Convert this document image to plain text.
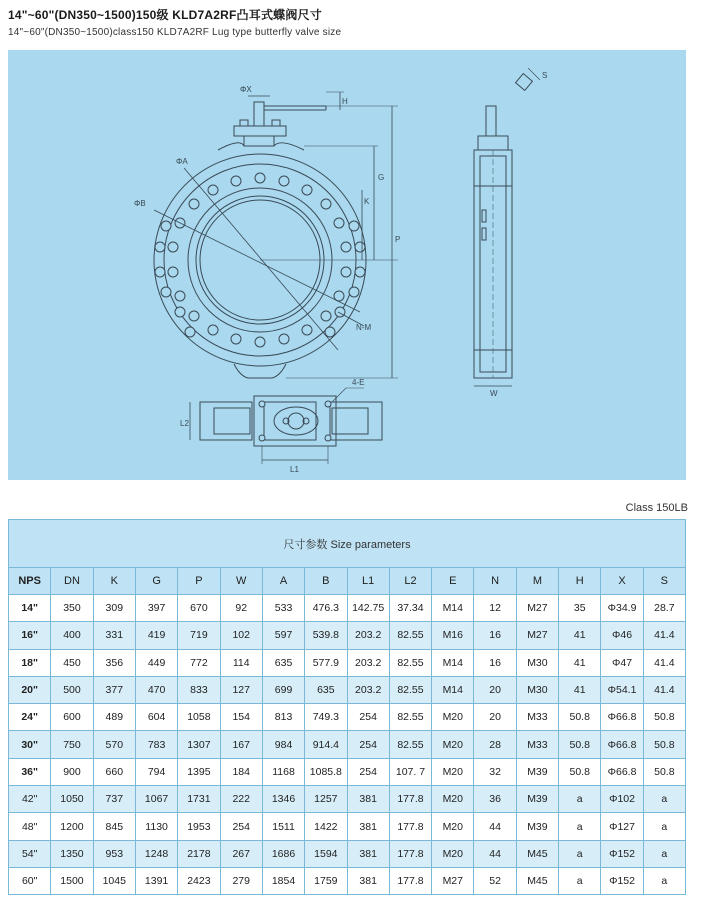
14"~60"(DN350~1500)150级 KLD7A2RF凸耳式蝶阀尺寸
14"~60"(DN350~1500)class150 KLD7A2RF Lug type butterfly valve size
ΦX
H
S
ΦA
ΦB
G
K
P
N-M
4-E
L2
L1
W
Class 150LB
尺寸参数 Size parameters															
NPS	DN	K	G	P	W	A	B	L1	L2	E	N	M	H	X	S
14"	350	309	397	670	92	533	476.3	142.75	37.34	M14	12	M27	35	Φ34.9	28.7
16"	400	331	419	719	102	597	539.8	203.2	82.55	M16	16	M27	41	Φ46	41.4
18"	450	356	449	772	114	635	577.9	203.2	82.55	M14	16	M30	41	Φ47	41.4
20"	500	377	470	833	127	699	635	203.2	82.55	M14	20	M30	41	Φ54.1	41.4
24"	600	489	604	1058	154	813	749.3	254	82.55	M20	20	M33	50.8	Φ66.8	50.8
30"	750	570	783	1307	167	984	914.4	254	82.55	M20	28	M33	50.8	Φ66.8	50.8
36"	900	660	794	1395	184	1168	1085.8	254	107. 7	M20	32	M39	50.8	Φ66.8	50.8
42"	1050	737	1067	1731	222	1346	1257	381	177.8	M20	36	M39	a	Φ102	a
48"	1200	845	1130	1953	254	1511	1422	381	177.8	M20	44	M39	a	Φ127	a
54"	1350	953	1248	2178	267	1686	1594	381	177.8	M20	44	M45	a	Φ152	a
60"	1500	1045	1391	2423	279	1854	1759	381	177.8	M27	52	M45	a	Φ152	a
